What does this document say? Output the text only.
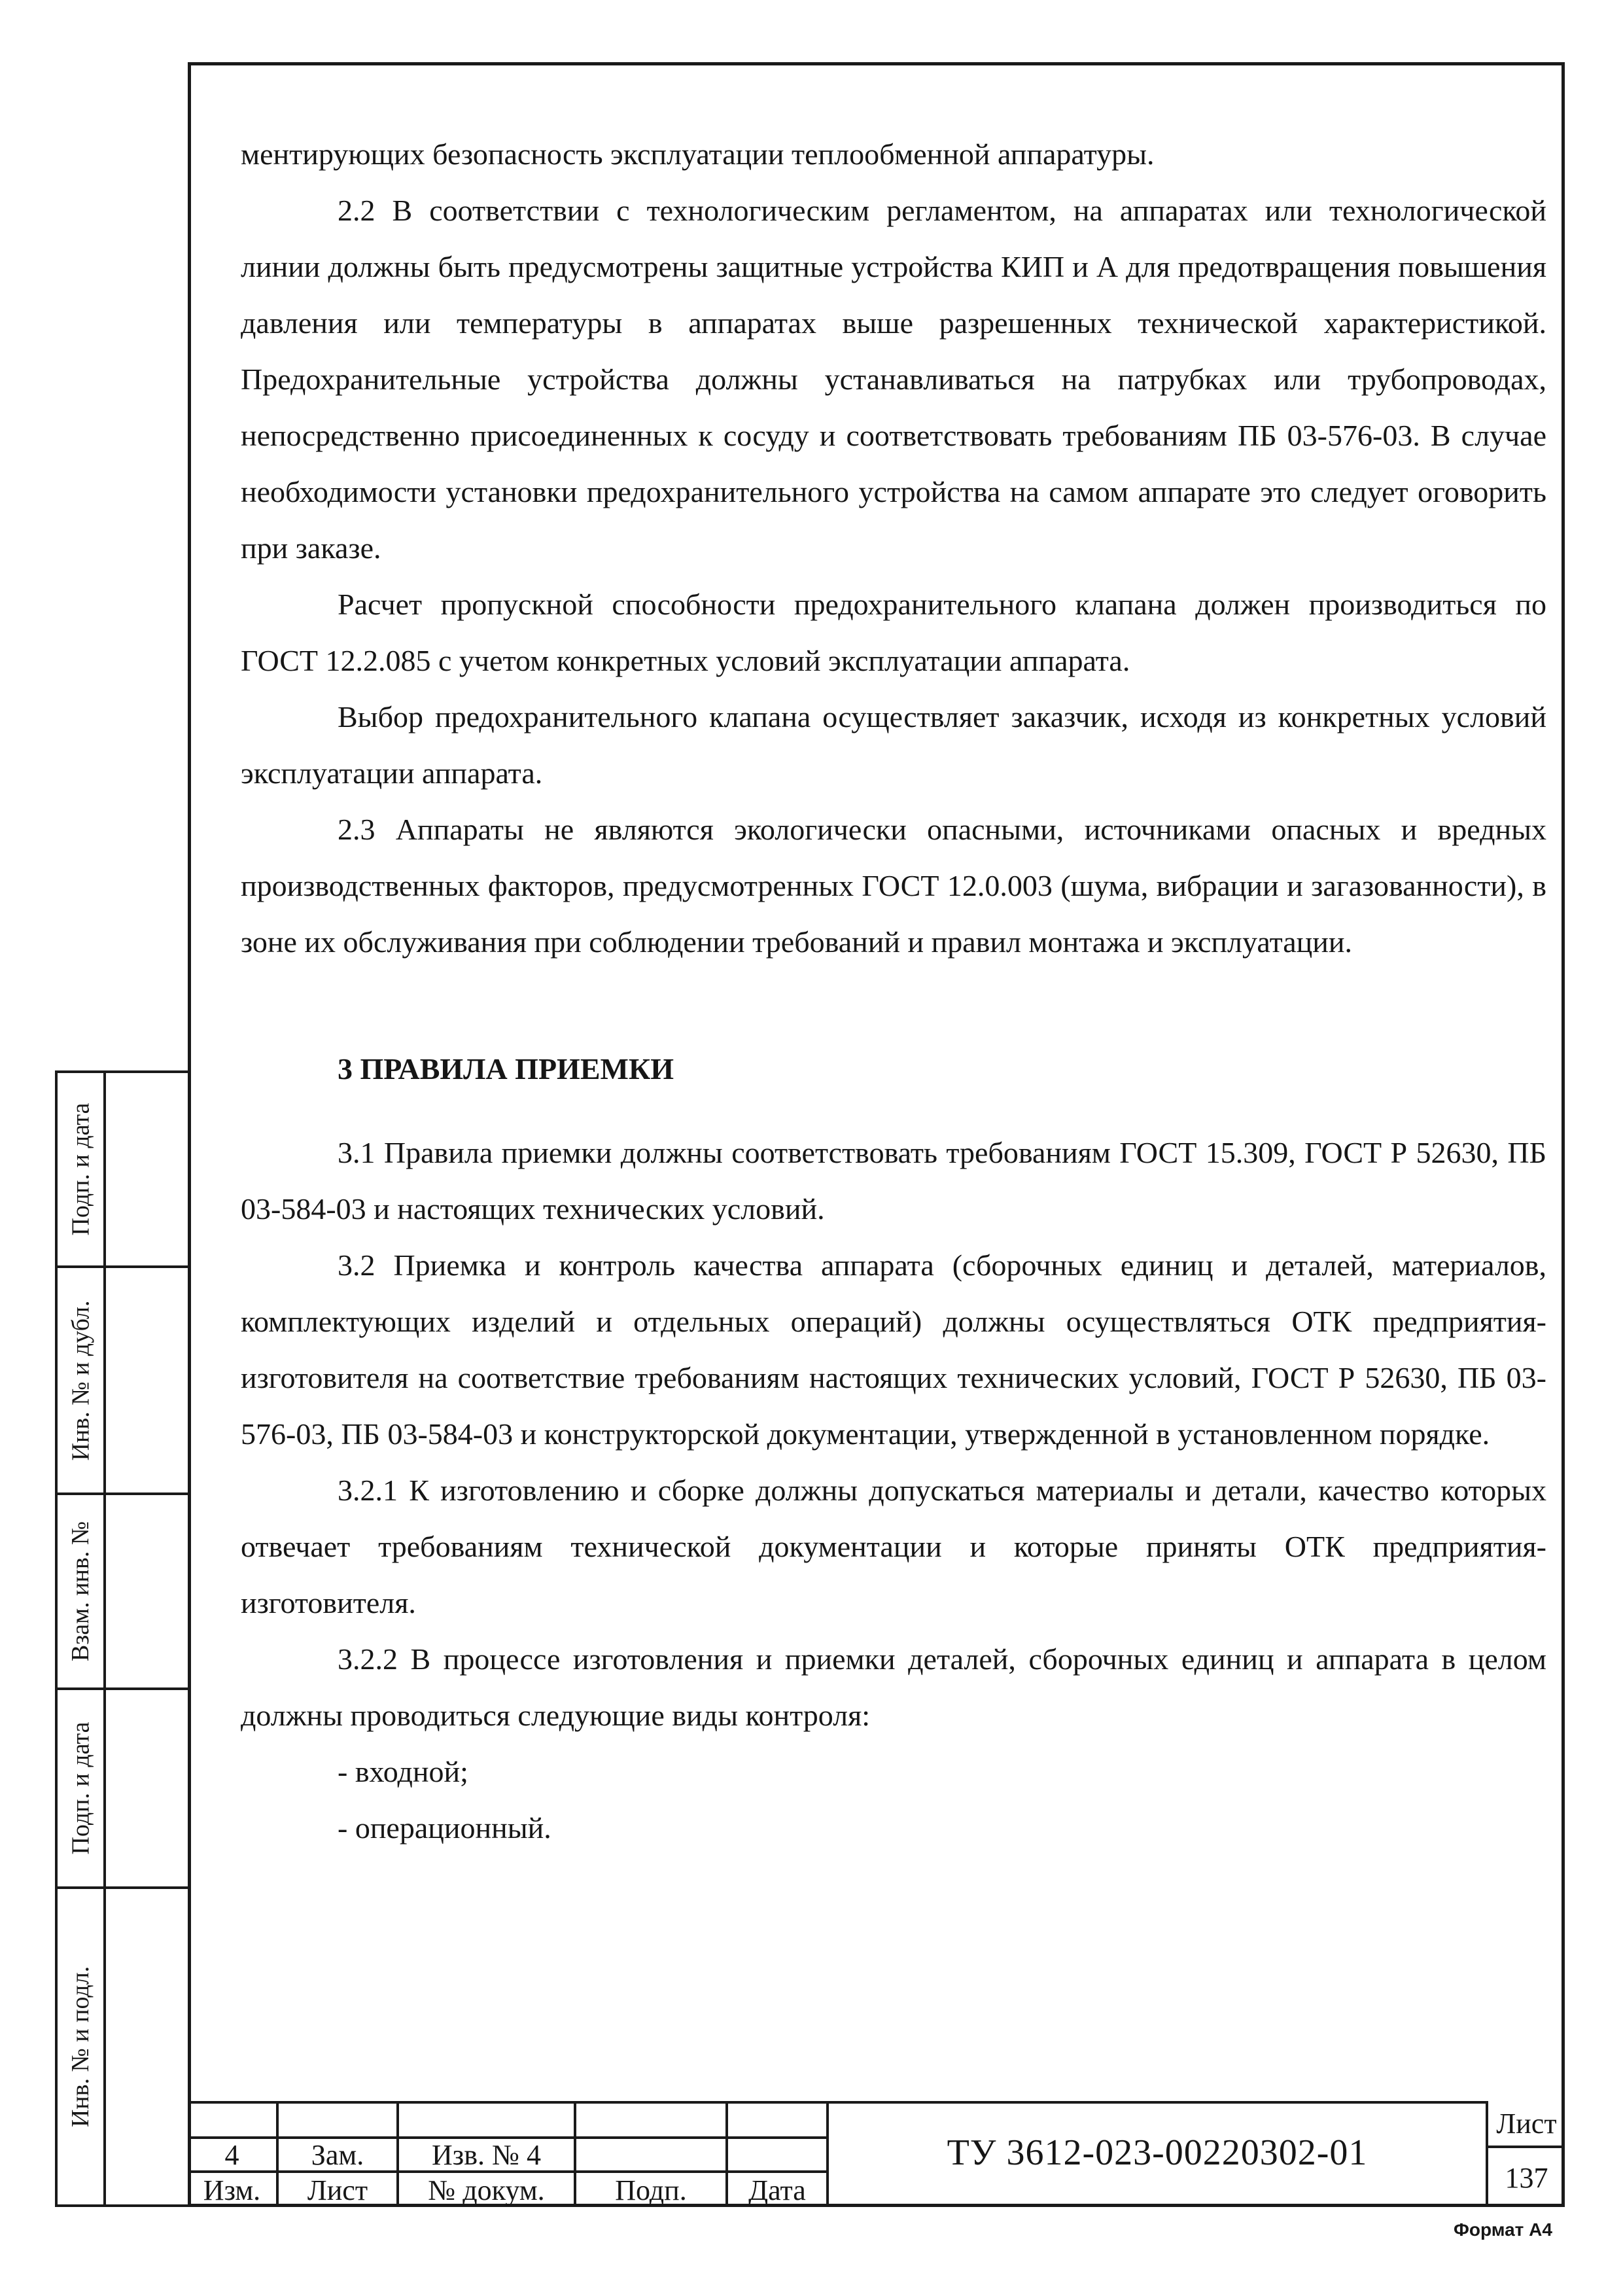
ментирующих безопасность эксплуатации теплообменной аппаратуры.

2.2 В соответствии с технологическим регламентом, на аппаратах или технологической линии должны быть предусмотрены защитные устройства КИП и А для предотвращения повышения давления или температуры в аппаратах выше разрешенных технической характеристикой. Предохранительные устройства должны устанавливаться на патрубках или трубопроводах, непосредственно присоединенных к сосуду и соответствовать требованиям ПБ 03-576-03. В случае необходимости установки предохранительного устройства на самом аппарате это следует оговорить при заказе.

Расчет пропускной способности предохранительного клапана должен производиться по ГОСТ 12.2.085 с учетом конкретных условий эксплуатации аппарата.

Выбор предохранительного клапана осуществляет заказчик, исходя из конкретных условий эксплуатации аппарата.

2.3 Аппараты не являются экологически опасными, источниками опасных и вредных производственных факторов, предусмотренных ГОСТ 12.0.003 (шума, вибрации и загазованности), в зоне их обслуживания при соблюдении требований и правил монтажа и эксплуатации.

3 ПРАВИЛА ПРИЕМКИ

3.1 Правила приемки должны соответствовать требованиям ГОСТ 15.309, ГОСТ Р 52630, ПБ 03-584-03 и настоящих технических условий.

3.2 Приемка и контроль качества аппарата (сборочных единиц и деталей, материалов, комплектующих изделий и отдельных операций) должны осуществляться ОТК предприятия-изготовителя на соответствие требованиям настоящих технических условий, ГОСТ Р 52630, ПБ 03-576-03, ПБ 03-584-03 и конструкторской документации, утвержденной в установленном порядке.

3.2.1 К изготовлению и сборке должны допускаться материалы и детали, качество которых отвечает требованиям технической документации и которые приняты ОТК предприятия-изготовителя.

3.2.2 В процессе изготовления и приемки деталей, сборочных единиц и аппарата в целом должны проводиться следующие виды контроля:

- входной;

- операционный.

Подп. и дата
Инв. № и дубл.
Взам. инв. №
Подп. и дата
Инв. № и подл.
4	Зам.	Изв. № 4
Изм.	Лист	№ докум.	Подп.	Дата
ТУ 3612-023-00220302-01
Лист
137
Формат А4
